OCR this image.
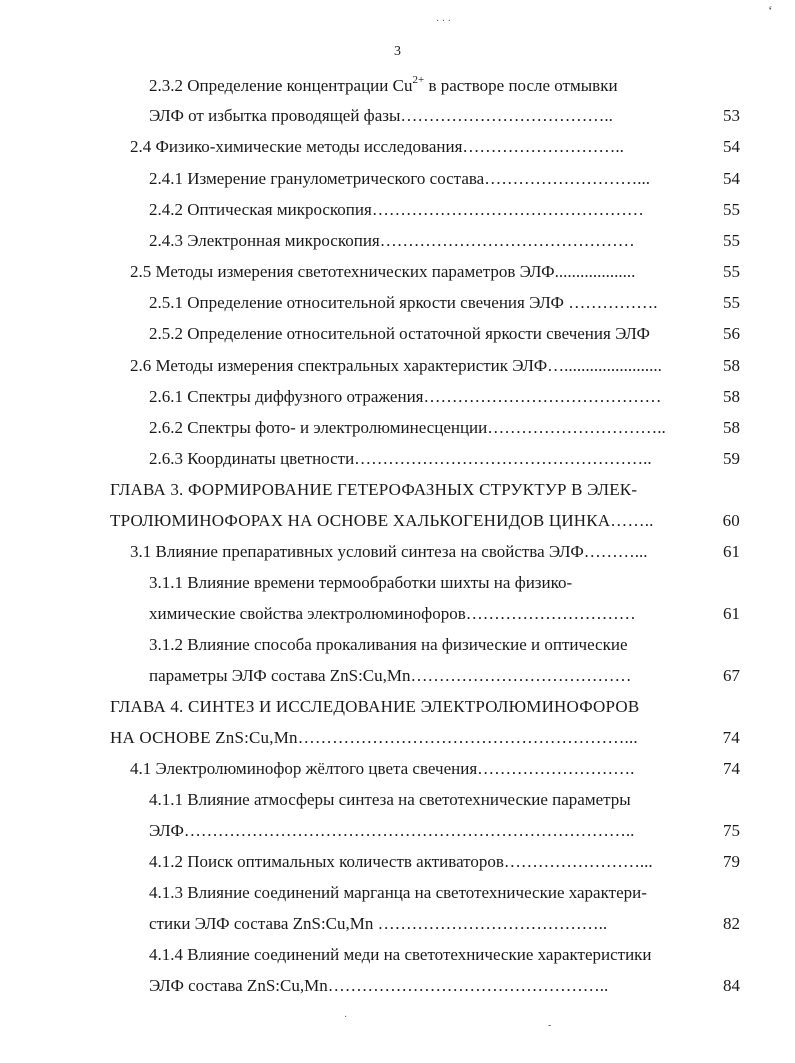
· · ·
‘
3
2.3.2 Определение концентрации $Cu^{2+}$ в растворе после отмывки
ЭЛФ от избытка проводящей фазы………………………………..	53
2.4 Физико-химические методы исследования………………………..	54
2.4.1 Измерение гранулометрического состава………………………...	54
2.4.2 Оптическая микроскопия…………………………………………	55
2.4.3 Электронная микроскопия………………………………………	55
2.5 Методы измерения светотехнических параметров ЭЛФ...................	55
2.5.1 Определение относительной яркости свечения ЭЛФ …………….	55
2.5.2 Определение относительной остаточной яркости свечения ЭЛФ	56
2.6 Методы измерения спектральных характеристик ЭЛФ….......................	58
2.6.1 Спектры диффузного отражения……………………………………	58
2.6.2 Спектры фото- и электролюминесценции…………………………..	58
2.6.3 Координаты цветности……………………………………………..	59
ГЛАВА 3. ФОРМИРОВАНИЕ ГЕТЕРОФАЗНЫХ СТРУКТУР В ЭЛЕК-
ТРОЛЮМИНОФОРАХ НА ОСНОВЕ ХАЛЬКОГЕНИДОВ ЦИНКА……..	60
3.1 Влияние препаративных условий синтеза на свойства ЭЛФ………...	61
3.1.1 Влияние времени термообработки шихты на физико-
химические свойства электролюминофоров…………………………	61
3.1.2 Влияние способа прокаливания на физические и оптические
параметры ЭЛФ состава ZnS:Cu,Mn…………………………………	67
ГЛАВА 4. СИНТЕЗ И ИССЛЕДОВАНИЕ ЭЛЕКТРОЛЮМИНОФОРОВ
НА ОСНОВЕ ZnS:Cu,Mn…………………………………………………...	74
4.1 Электролюминофор жёлтого цвета свечения……………………….	74
4.1.1 Влияние атмосферы синтеза на светотехнические параметры
ЭЛФ……………………………………………………………………..	75
4.1.2 Поиск оптимальных количеств активаторов……………………...	79
4.1.3 Влияние соединений марганца на светотехнические характери-
стики ЭЛФ состава ZnS:Cu,Mn …………………………………..	82
4.1.4 Влияние соединений меди на светотехнические характеристики
ЭЛФ состава ZnS:Cu,Mn…………………………………………..	84
·
-
